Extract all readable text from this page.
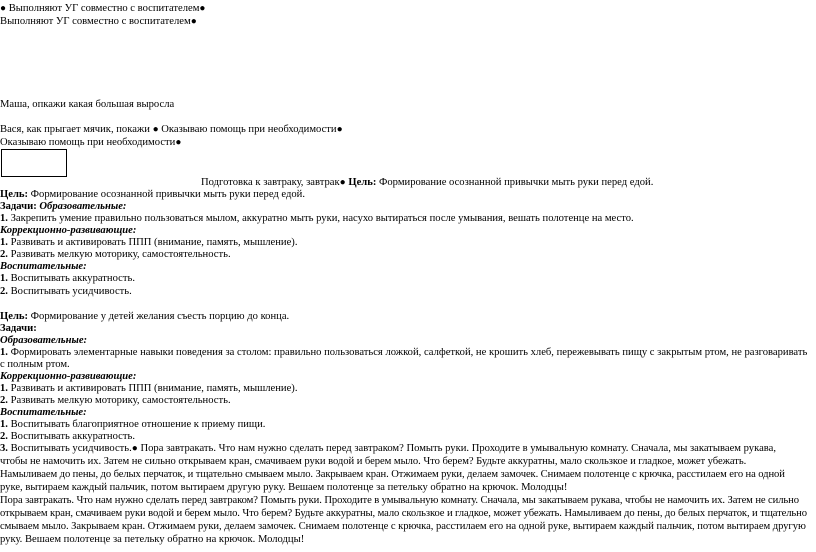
● Выполняют УГ совместно с воспитателем●
Выполняют УГ совместно с воспитателем●
Маша, опкажи какая большая выросла
Вася, как прыгает мячик, покажи ● Оказываю помощь при необходимости●
Оказываю помощь при необходимости●
Подготовка к завтраку, завтрак● Цель: Формирование осознанной привычки мыть руки перед едой.
Цель: Формирование осознанной привычки мыть руки перед едой.
Задачи: Образовательные:
1. Закрепить умение правильно пользоваться мылом, аккуратно мыть руки, насухо вытираться после умывания, вешать полотенце на место.
Коррекционно-развивающие:
1. Развивать и активировать ППП (внимание, память, мышление).
2. Развивать мелкую моторику, самостоятельность.
Воспитательные:
1. Воспитывать аккуратность.
2. Воспитывать усидчивость.
Цель: Формирование у детей желания съесть порцию до конца.
Задачи:
Образовательные:
1. Формировать элементарные навыки поведения за столом: правильно пользоваться ложкой, салфеткой, не крошить хлеб, пережевывать пищу с закрытым ртом, не разговаривать
с полным ртом.
Коррекционно-развивающие:
1. Развивать и активировать ППП (внимание, память, мышление).
2. Развивать мелкую моторику, самостоятельность.
Воспитательные:
1. Воспитывать благоприятное отношение к приему пищи.
2. Воспитывать аккуратность.
3. Воспитывать усидчивость.● Пора завтракать. Что нам нужно сделать перед завтраком? Помыть руки. Проходите в умывальную комнату. Сначала, мы закатываем рукава,
чтобы не намочить их. Затем не сильно открываем кран, смачиваем руки водой и берем мыло. Что берем? Будьте аккуратны, мало скользкое и гладкое, может убежать.
Намыливаем до пены, до белых перчаток, и тщательно смываем мыло. Закрываем кран. Отжимаем руки, делаем замочек. Снимаем полотенце с крючка, расстилаем его на одной
руке, вытираем каждый пальчик, потом вытираем другую руку. Вешаем полотенце за петельку обратно на крючок. Молодцы!
Пора завтракать. Что нам нужно сделать перед завтраком? Помыть руки. Проходите в умывальную комнату. Сначала, мы закатываем рукава, чтобы не намочить их. Затем не сильно
открываем кран, смачиваем руки водой и берем мыло. Что берем? Будьте аккуратны, мало скользкое и гладкое, может убежать. Намыливаем до пены, до белых перчаток, и тщательно
смываем мыло. Закрываем кран. Отжимаем руки, делаем замочек. Снимаем полотенце с крючка, расстилаем его на одной руке, вытираем каждый пальчик, потом вытираем другую
руку. Вешаем полотенце за петельку обратно на крючок. Молодцы!
